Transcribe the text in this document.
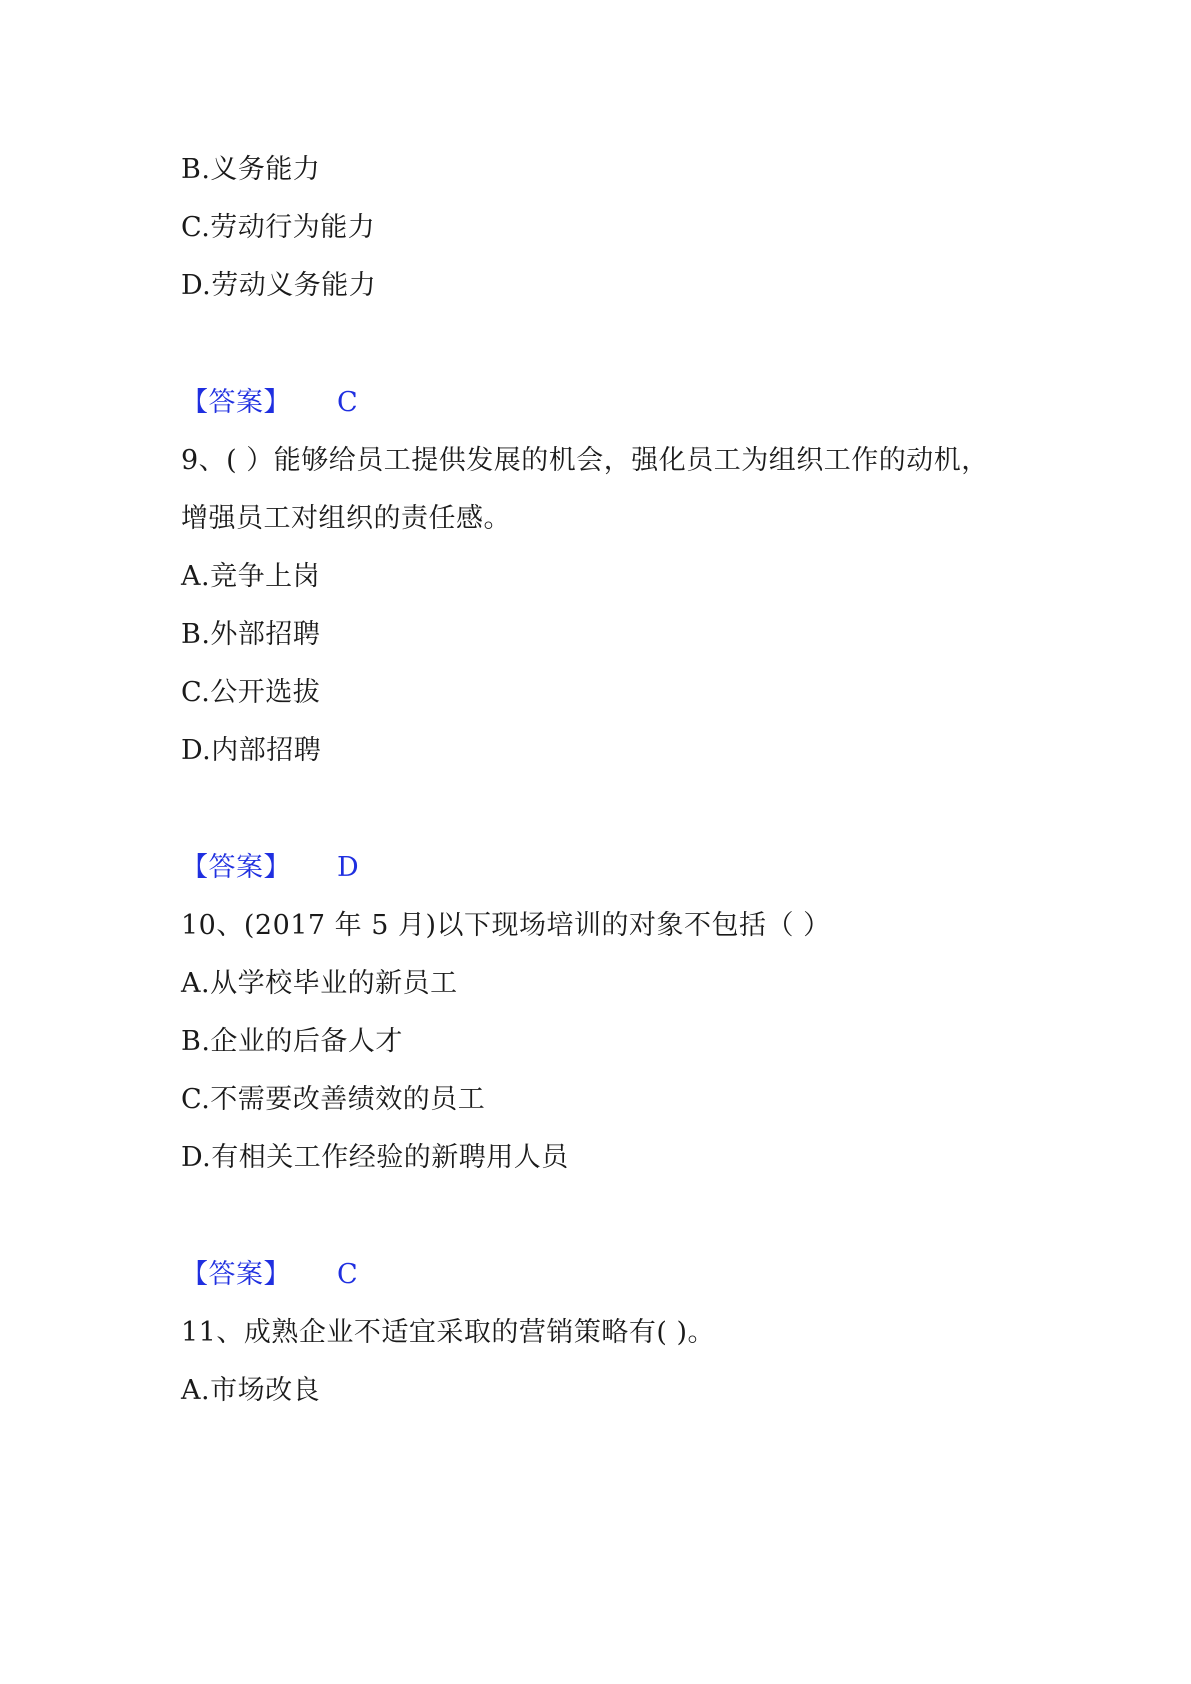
B.义务能力
C.劳动行为能力
D.劳动义务能力
【答案】 C
9、( ）能够给员工提供发展的机会，强化员工为组织工作的动机，
增强员工对组织的责任感。
A.竞争上岗
B.外部招聘
C.公开选拔
D.内部招聘
【答案】 D
10、(2017 年 5 月)以下现场培训的对象不包括（ ）
A.从学校毕业的新员工
B.企业的后备人才
C.不需要改善绩效的员工
D.有相关工作经验的新聘用人员
【答案】 C
11、成熟企业不适宜采取的营销策略有( )。
A.市场改良
